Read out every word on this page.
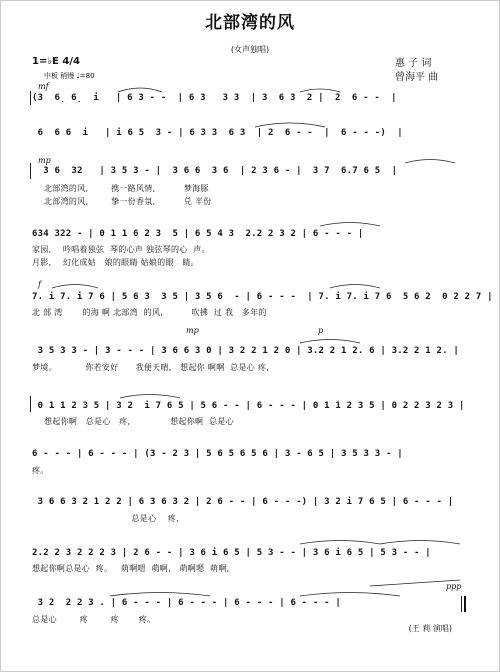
北部湾的风
(女声独唱)
惠 子 词
曾海平 曲
1=♭E 4/4
中板 稍慢 ♩=80
mf
mp
f
mp	p
ppp
(3  6̣ 6̣  i   | 6 3 - -  | 6 3   3 3  | 3  6 3  2 |  2  6 - -  |
6  6 6  i   | i 6 5  3 - | 6 3 3  6 3  | 2  6 - -  |  6 - - -)  |
3 6  32   | 3 5 3 - |  3 6 6  3 6  | 2 3 6 - |  3 7  6.7 6 5  |
北部湾的风,        携一路风情,          梦海豚
北部湾的风,        挚一份香氛,          兑 半份
634 322 - | 0 1 1 6 2 3  5 | 6 5 4 3  2.2 2 3 2 | 6 - - - |
家园,    吟唱着独弦  琴的心声 独弦琴的心  声。
月影,    幻化成姑   娘的眼睛 姑娘的眼   睛。
7. i 7. i 7 6 | 5 6 3  3 5 | 3 5 6  - | 6 - - -  | 7. i 7. i 7 6  5 6 2  0 2 2 7 |
北 部 湾       的海 啊 北部湾  的风,          吹拂  过 我   多年的
3 5 3 3 - | 3 - - - | 3 6 6 3 0 | 3 2 2 1 2 0 | 3.2 2 1 2. 6 | 3.2 2 1 2. |
梦境。          你若安好      我便天晴,   想起你 啊啊  总是心 疼,
0 1 1 2 3 5 | 3 2  i 7 6 5 | 5 6 - - | 6 - - - | 0 1 1 2 3 5 | 0 2 2 3 2 3 |
想起你啊   总是心   疼,              想起你啊  总是心
6 - - - | 6 - - - | (3 - 2 3 | 5 6 5 6 5 6 | 3 - 6 5 | 3 5 3 3 - |
疼。
3 6 6 3 2 1 2 2 | 6 3 6 3 2 | 2 6 - - | 6 - - -) | 3 2 i 7 6 5 | 6 - - - |
总是心    疼,
2.2 2 3 2 2 2 3 | 2 6 - - | 3 6 i 6 5 | 5 3 - - | 3 6 i 6 5 | 5 3 - - |
想起你啊总是心  疼。   萌啊嗯  萌啊,   萌啊嗯  萌啊,
3 2  2 2 3 . | 6 - - - | 6 - - - | 6 - - - | 6 - - - |
总是心        疼        疼       疼。
(王 莉 演唱)
